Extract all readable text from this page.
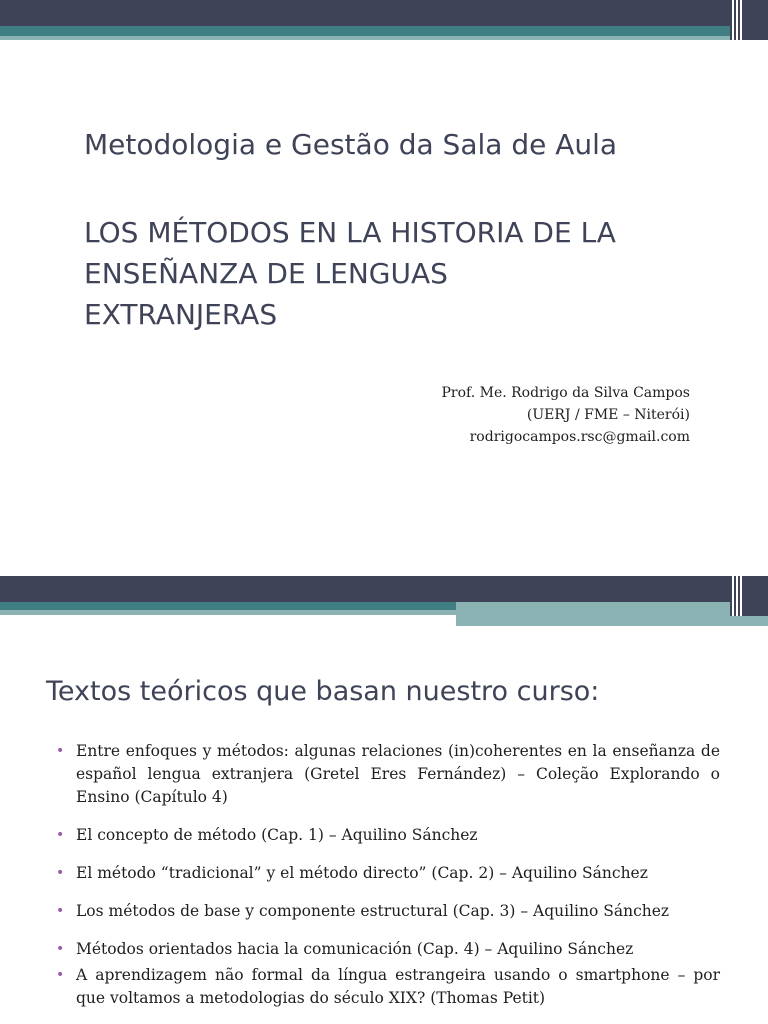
Metodologia e Gestão da Sala de Aula
LOS MÉTODOS EN LA HISTORIA DE LA
ENSEÑANZA DE LENGUAS
EXTRANJERAS
Prof. Me. Rodrigo da Silva Campos
(UERJ / FME – Niterói)
rodrigocampos.rsc@gmail.com
Textos teóricos que basan nuestro curso:
• Entre enfoques y métodos: algunas relaciones (in)coherentes en la enseñanza de español lengua extranjera (Gretel Eres Fernández) – Coleção Explorando o Ensino (Capítulo 4)
• El concepto de método (Cap. 1) – Aquilino Sánchez
• El método “tradicional” y el método directo” (Cap. 2) – Aquilino Sánchez
• Los métodos de base y componente estructural (Cap. 3) – Aquilino Sánchez
• Métodos orientados hacia la comunicación (Cap. 4) – Aquilino Sánchez
• A aprendizagem não formal da língua estrangeira usando o smartphone – por que voltamos a metodologias do século XIX? (Thomas Petit)
